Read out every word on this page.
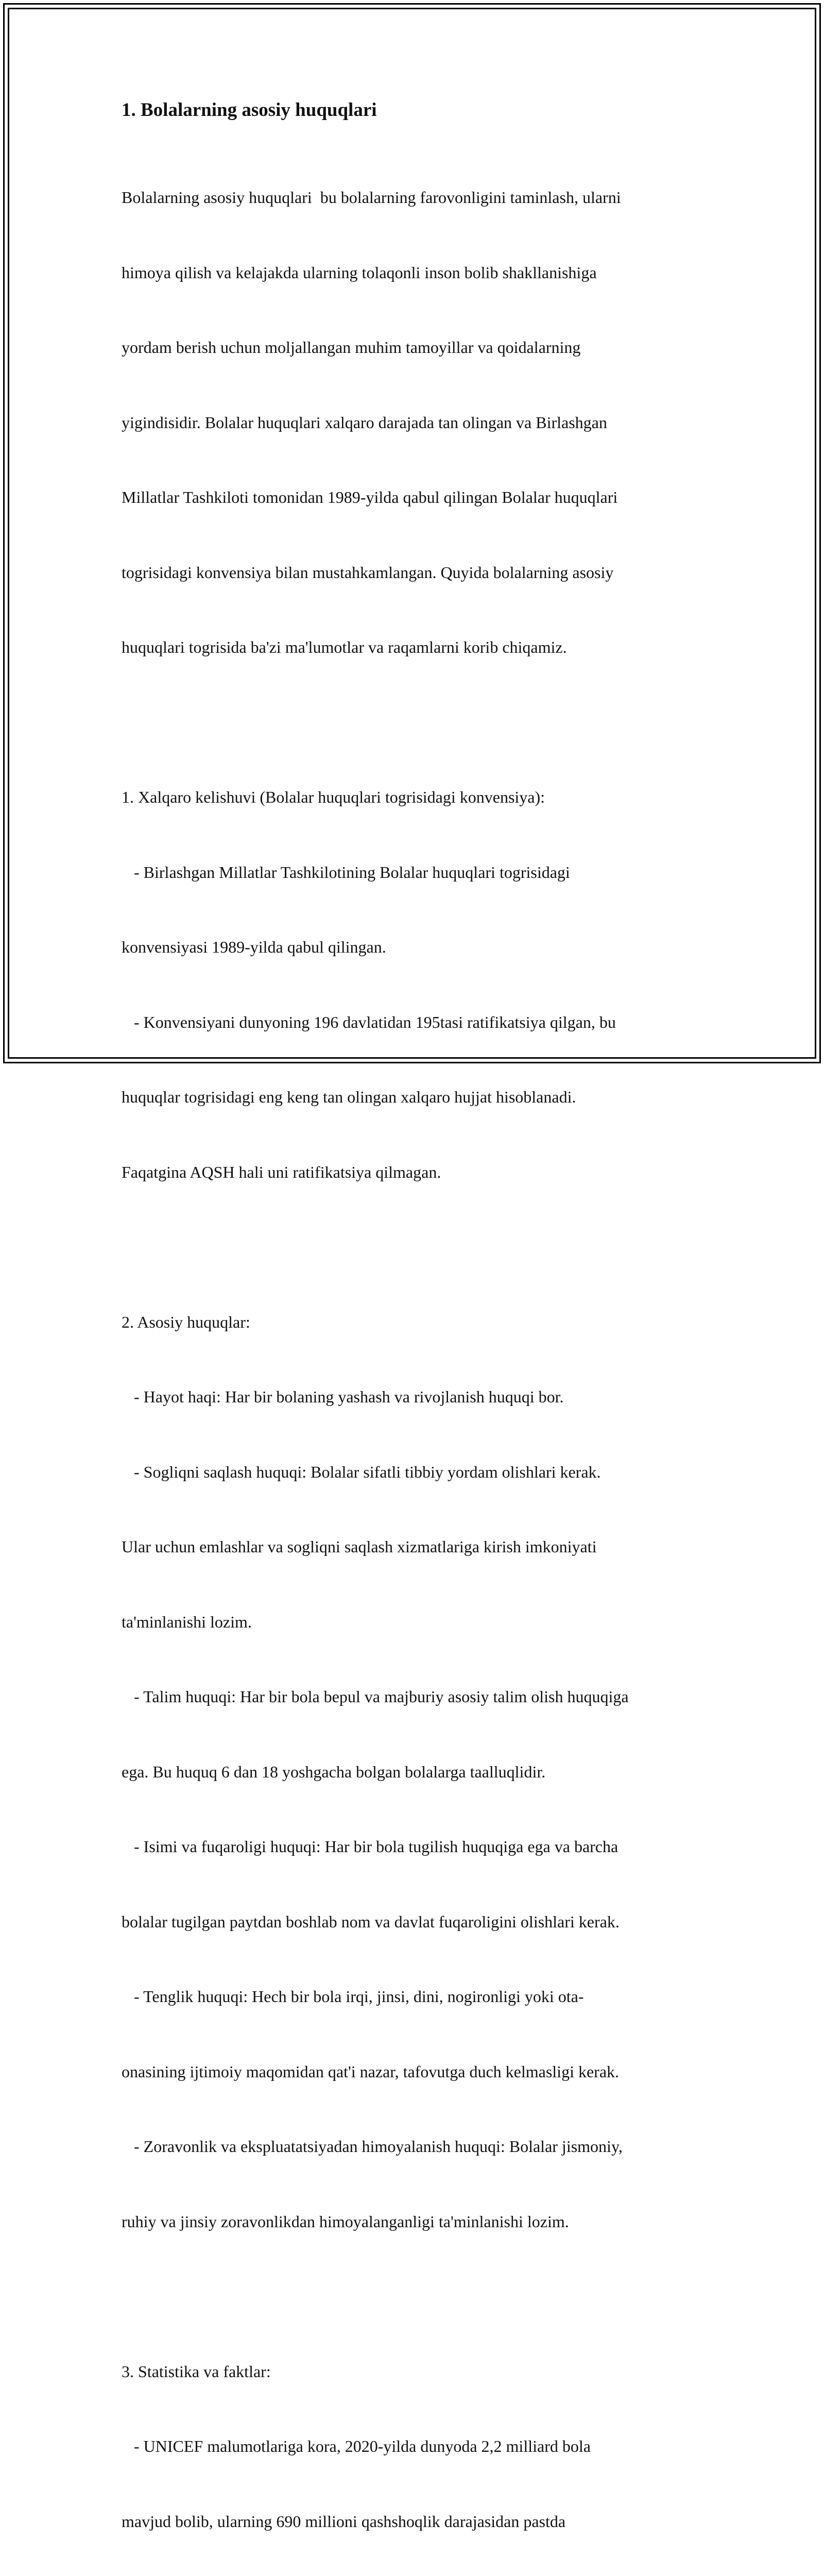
1. Bolalarning asosiy huquqlari

Bolalarning asosiy huquqlari  bu bolalarning farovonligini taminlash, ularni

himoya qilish va kelajakda ularning tolaqonli inson bolib shakllanishiga

yordam berish uchun moljallangan muhim tamoyillar va qoidalarning

yigindisidir. Bolalar huquqlari xalqaro darajada tan olingan va Birlashgan

Millatlar Tashkiloti tomonidan 1989-yilda qabul qilingan Bolalar huquqlari

togrisidagi konvensiya bilan mustahkamlangan. Quyida bolalarning asosiy

huquqlari togrisida ba'zi ma'lumotlar va raqamlarni korib chiqamiz.

1. Xalqaro kelishuvi (Bolalar huquqlari togrisidagi konvensiya):

- Birlashgan Millatlar Tashkilotining Bolalar huquqlari togrisidagi

konvensiyasi 1989-yilda qabul qilingan.

- Konvensiyani dunyoning 196 davlatidan 195tasi ratifikatsiya qilgan, bu

huquqlar togrisidagi eng keng tan olingan xalqaro hujjat hisoblanadi.

Faqatgina AQSH hali uni ratifikatsiya qilmagan.

2. Asosiy huquqlar:

- Hayot haqi: Har bir bolaning yashash va rivojlanish huquqi bor.

- Sogliqni saqlash huquqi: Bolalar sifatli tibbiy yordam olishlari kerak.

Ular uchun emlashlar va sogliqni saqlash xizmatlariga kirish imkoniyati

ta'minlanishi lozim.

- Talim huquqi: Har bir bola bepul va majburiy asosiy talim olish huquqiga

ega. Bu huquq 6 dan 18 yoshgacha bolgan bolalarga taalluqlidir.

- Isimi va fuqaroligi huquqi: Har bir bola tugilish huquqiga ega va barcha

bolalar tugilgan paytdan boshlab nom va davlat fuqaroligini olishlari kerak.

- Tenglik huquqi: Hech bir bola irqi, jinsi, dini, nogironligi yoki ota-

onasining ijtimoiy maqomidan qat'i nazar, tafovutga duch kelmasligi kerak.

- Zoravonlik va ekspluatatsiyadan himoyalanish huquqi: Bolalar jismoniy,

ruhiy va jinsiy zoravonlikdan himoyalanganligi ta'minlanishi lozim.

3. Statistika va faktlar:

- UNICEF malumotlariga kora, 2020-yilda dunyoda 2,2 milliard bola

mavjud bolib, ularning 690 millioni qashshoqlik darajasidan pastda
